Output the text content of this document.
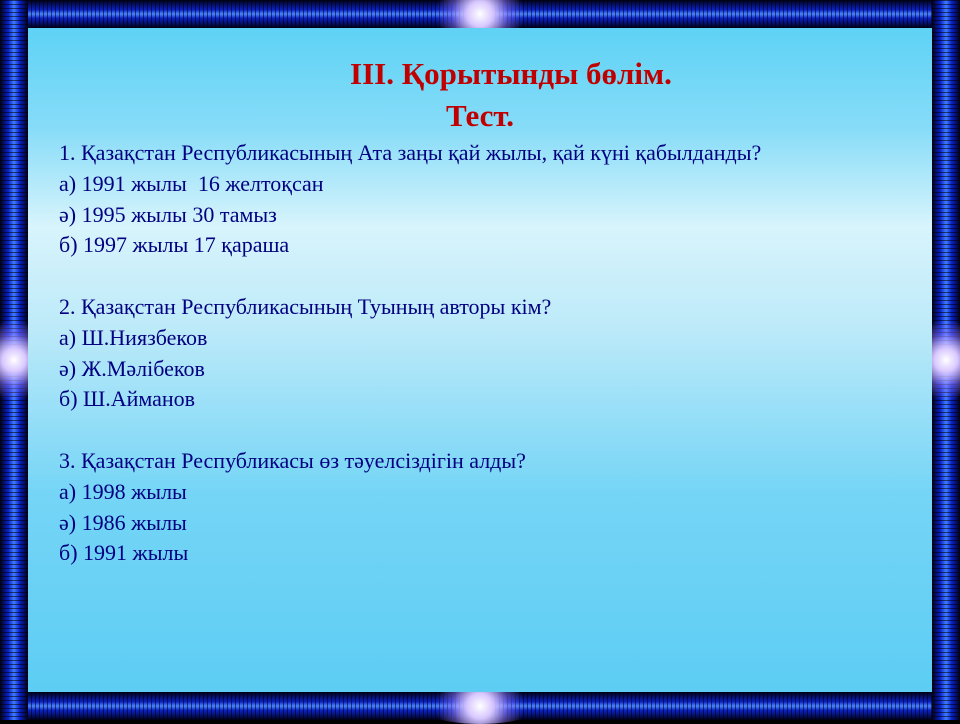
III. Қорытынды бөлім.
Тест.
1. Қазақстан Республикасының Ата заңы қай жылы, қай күні қабылданды?
а) 1991 жылы  16 желтоқсан
ә) 1995 жылы 30 тамыз
б) 1997 жылы 17 қараша
2. Қазақстан Республикасының Туының авторы кім?
а) Ш.Ниязбеков
ә) Ж.Мәлібеков
б) Ш.Айманов
3. Қазақстан Республикасы өз тәуелсіздігін алды?
а) 1998 жылы
ә) 1986 жылы
б) 1991 жылы
